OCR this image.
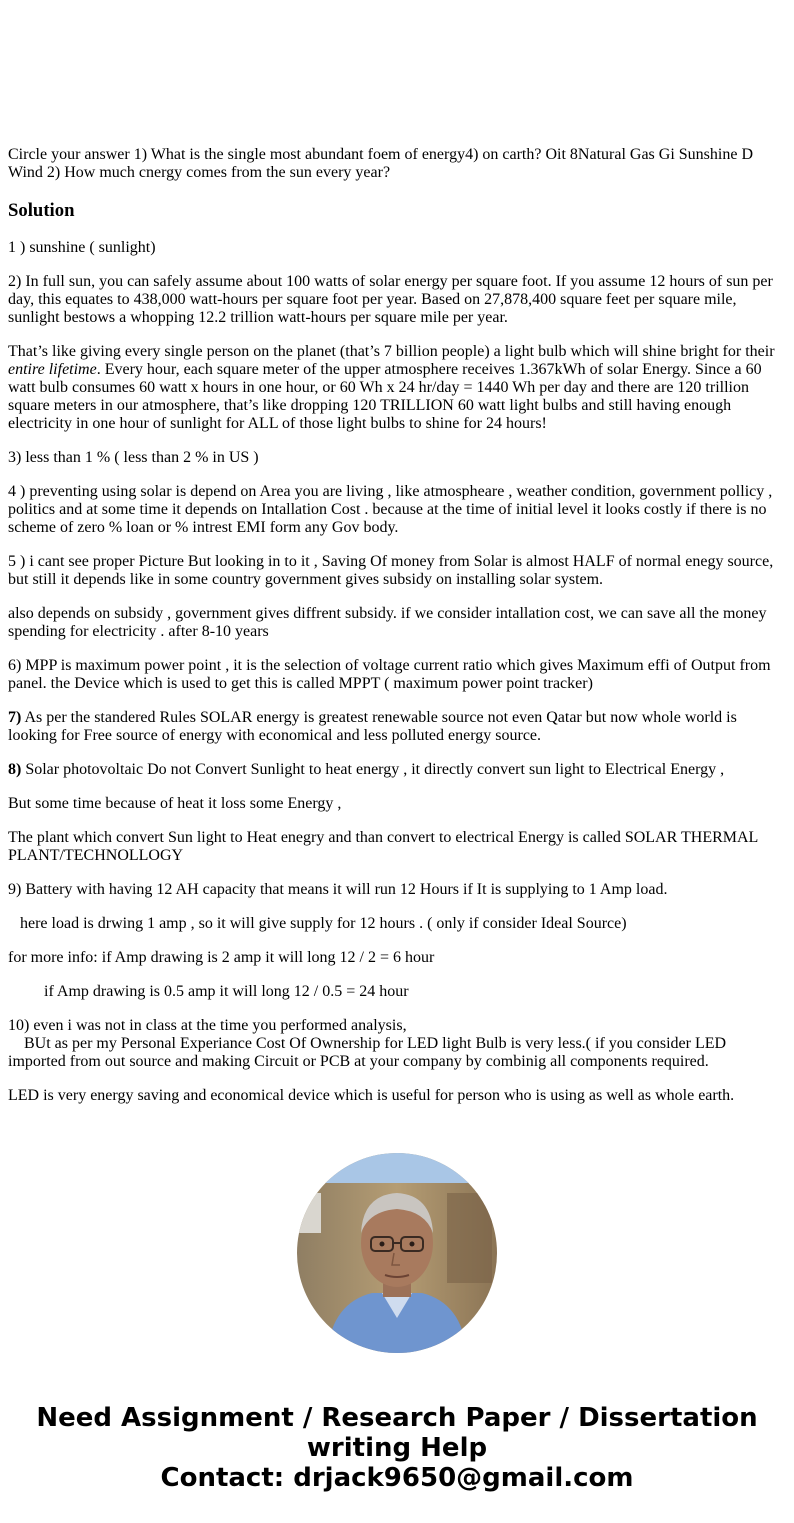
Circle your answer 1) What is the single most abundant foem of energy4) on carth? Oit 8Natural Gas Gi Sunshine D Wind 2) How much cnergy comes from the sun every year?

Solution

1 ) sunshine ( sunlight)

2) In full sun, you can safely assume about 100 watts of solar energy per square foot. If you assume 12 hours of sun per day, this equates to 438,000 watt-hours per square foot per year. Based on 27,878,400 square feet per square mile, sunlight bestows a whopping 12.2 trillion watt-hours per square mile per year.

That’s like giving every single person on the planet (that’s 7 billion people) a light bulb which will shine bright for their entire lifetime. Every hour, each square meter of the upper atmosphere receives 1.367kWh of solar Energy. Since a 60 watt bulb consumes 60 watt x hours in one hour, or 60 Wh x 24 hr/day = 1440 Wh per day and there are 120 trillion square meters in our atmosphere, that’s like dropping 120 TRILLION 60 watt light bulbs and still having enough electricity in one hour of sunlight for ALL of those light bulbs to shine for 24 hours!

3) less than 1 % ( less than 2 % in US )

4 ) preventing using solar is depend on Area you are living , like atmospheare , weather condition, government pollicy , politics and at some time it depends on Intallation Cost . because at the time of initial level it looks costly if there is no scheme of zero % loan or % intrest EMI form any Gov body.

5 ) i cant see proper Picture But looking in to it , Saving Of money from Solar is almost HALF of normal enegy source, but still it depends like in some country government gives subsidy on installing solar system.

also depends on subsidy , government gives diffrent subsidy. if we consider intallation cost, we can save all the money spending for electricity . after 8-10 years

6) MPP is maximum power point , it is the selection of voltage current ratio which gives Maximum effi of Output from panel. the Device which is used to get this is called MPPT ( maximum power point tracker)

7) As per the standered Rules SOLAR energy is greatest renewable source not even Qatar but now whole world is looking for Free source of energy with economical and less polluted energy source.

8) Solar photovoltaic Do not Convert Sunlight to heat energy , it directly convert sun light to Electrical Energy ,

But some time because of heat it loss some Energy ,

The plant which convert Sun light to Heat enegry and than convert to electrical Energy is called SOLAR THERMAL PLANT/TECHNOLLOGY

9) Battery with having 12 AH capacity that means it will run 12 Hours if It is supplying to 1 Amp load.

here load is drwing 1 amp , so it will give supply for 12 hours . ( only if consider Ideal Source)

for more info: if Amp drawing is 2 amp it will long 12 / 2 = 6 hour

if Amp drawing is 0.5 amp it will long 12 / 0.5 = 24 hour

10) even i was not in class at the time you performed analysis,
BUt as per my Personal Experiance Cost Of Ownership for LED light Bulb is very less.( if you consider LED imported from out source and making Circuit or PCB at your company by combinig all components required.

LED is very energy saving and economical device which is useful for person who is using as well as whole earth.

Need Assignment / Research Paper / Dissertation writing Help
Contact: drjack9650@gmail.com
